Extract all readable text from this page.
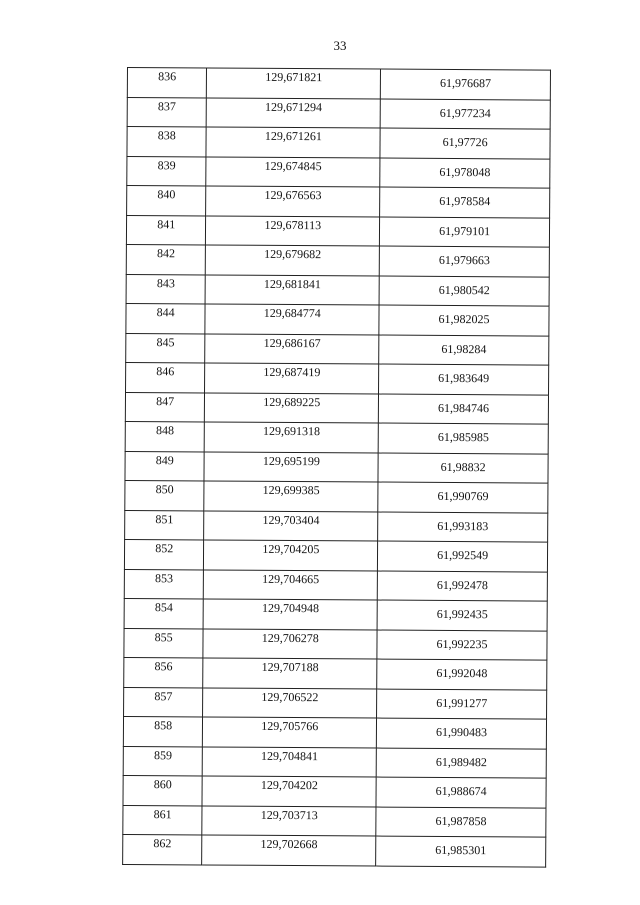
33
836	129,671821	61,976687
837	129,671294	61,977234
838	129,671261	61,97726
839	129,674845	61,978048
840	129,676563	61,978584
841	129,678113	61,979101
842	129,679682	61,979663
843	129,681841	61,980542
844	129,684774	61,982025
845	129,686167	61,98284
846	129,687419	61,983649
847	129,689225	61,984746
848	129,691318	61,985985
849	129,695199	61,98832
850	129,699385	61,990769
851	129,703404	61,993183
852	129,704205	61,992549
853	129,704665	61,992478
854	129,704948	61,992435
855	129,706278	61,992235
856	129,707188	61,992048
857	129,706522	61,991277
858	129,705766	61,990483
859	129,704841	61,989482
860	129,704202	61,988674
861	129,703713	61,987858
862	129,702668	61,985301
